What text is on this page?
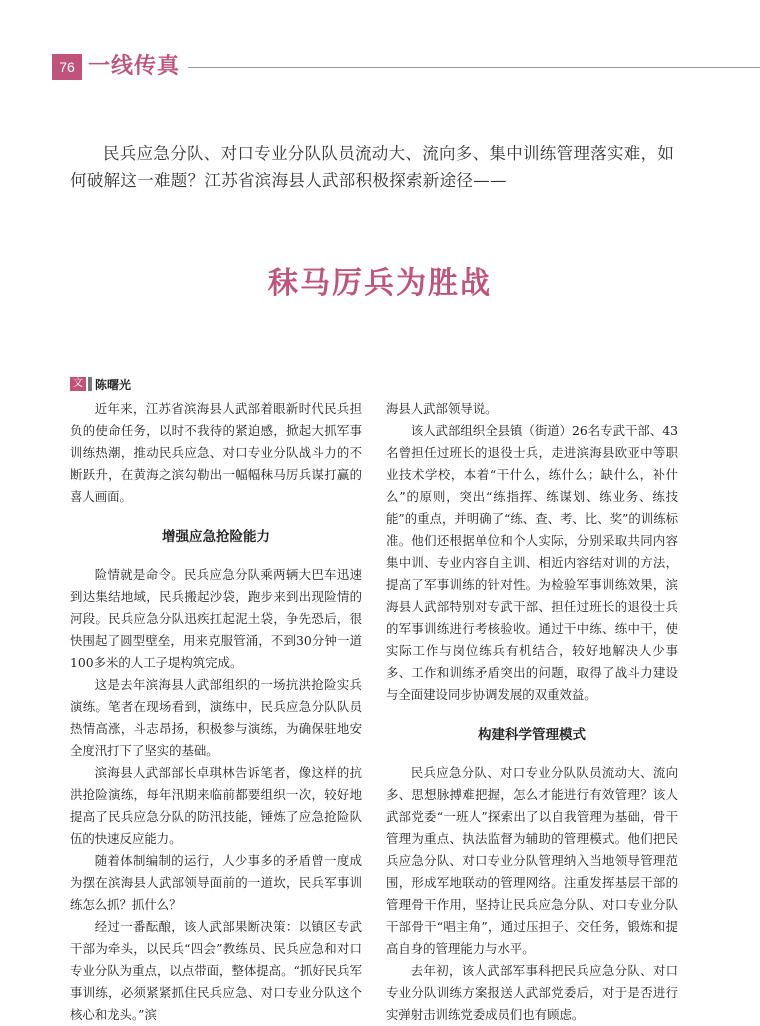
76 一线传真
民兵应急分队、对口专业分队队员流动大、流向多、集中训练管理落实难，如何破解这一难题？江苏省滨海县人武部积极探索新途径——
秣马厉兵为胜战
文 陈曙光

近年来，江苏省滨海县人武部着眼新时代民兵担负的使命任务，以时不我待的紧迫感，掀起大抓军事训练热潮，推动民兵应急、对口专业分队战斗力的不断跃升，在黄海之滨勾勒出一幅幅秣马厉兵谋打赢的喜人画面。

增强应急抢险能力

险情就是命令。民兵应急分队乘两辆大巴车迅速到达集结地域，民兵搬起沙袋，跑步来到出现险情的河段。民兵应急分队迅疾扛起泥土袋，争先恐后，很快围起了圆型壁垒，用来克服管涌，不到30分钟一道100多米的人工子堤构筑完成。

这是去年滨海县人武部组织的一场抗洪抢险实兵演练。笔者在现场看到，演练中，民兵应急分队队员热情高涨，斗志昂扬，积极参与演练，为确保驻地安全度汛打下了坚实的基础。

滨海县人武部部长卓琪林告诉笔者，像这样的抗洪抢险演练，每年汛期来临前都要组织一次，较好地提高了民兵应急分队的防汛技能，锤炼了应急抢险队伍的快速反应能力。

随着体制编制的运行，人少事多的矛盾曾一度成为摆在滨海县人武部领导面前的一道坎，民兵军事训练怎么抓？抓什么？

经过一番酝酿，该人武部果断决策：以镇区专武干部为牵头，以民兵“四会”教练员、民兵应急和对口专业分队为重点，以点带面，整体提高。“抓好民兵军事训练，必须紧紧抓住民兵应急、对口专业分队这个核心和龙头。”滨

海县人武部领导说。

该人武部组织全县镇（街道）26名专武干部、43名曾担任过班长的退役士兵，走进滨海县欧亚中等职业技术学校，本着“干什么，练什么；缺什么，补什么”的原则，突出“练指挥、练谋划、练业务、练技能”的重点，并明确了“练、查、考、比、奖”的训练标准。他们还根据单位和个人实际，分别采取共同内容集中训、专业内容自主训、相近内容结对训的方法，提高了军事训练的针对性。为检验军事训练效果，滨海县人武部特别对专武干部、担任过班长的退役士兵的军事训练进行考核验收。通过干中练、练中干，使实际工作与岗位练兵有机结合，较好地解决人少事多、工作和训练矛盾突出的问题，取得了战斗力建设与全面建设同步协调发展的双重效益。

构建科学管理模式

民兵应急分队、对口专业分队队员流动大、流向多、思想脉搏难把握，怎么才能进行有效管理？该人武部党委“一班人”探索出了以自我管理为基础，骨干管理为重点、执法监督为辅助的管理模式。他们把民兵应急分队、对口专业分队管理纳入当地领导管理范围，形成军地联动的管理网络。注重发挥基层干部的管理骨干作用，坚持让民兵应急分队、对口专业分队干部骨干“唱主角”，通过压担子、交任务，锻炼和提高自身的管理能力与水平。

去年初，该人武部军事科把民兵应急分队、对口专业分队训练方案报送人武部党委后，对于是否进行实弹射击训练党委成员们也有顾虑。
